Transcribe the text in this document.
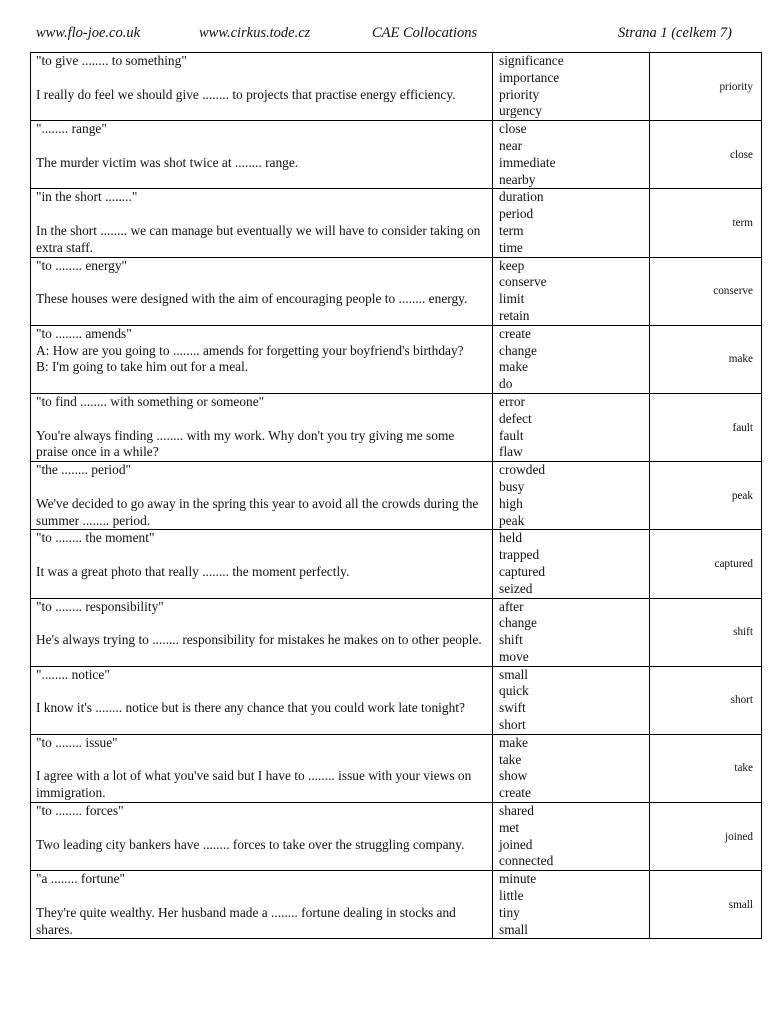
www.flo-joe.co.uk	www.cirkus.tode.cz	CAE Collocations	Strana 1 (celkem 7)
"to give ........ to something"
I really do feel we should give ........ to projects that practise energy efficiency.	significance
importance
priority
urgency	priority

"........ range"
The murder victim was shot twice at ........ range.	close
near
immediate
nearby	close

"in the short ........"
In the short ........ we can manage but eventually we will have to consider taking on extra staff.	duration
period
term
time	term

"to ........ energy"
These houses were designed with the aim of encouraging people to ........ energy.	keep
conserve
limit
retain	conserve

"to ........ amends"
A: How are you going to ........ amends for forgetting your boyfriend's birthday?
B: I'm going to take him out for a meal.	create
change
make
do	make

"to find ........ with something or someone"
You're always finding ........ with my work. Why don't you try giving me some praise once in a while?	error
defect
fault
flaw	fault

"the ........ period"
We've decided to go away in the spring this year to avoid all the crowds during the summer ........ period.	crowded
busy
high
peak	peak

"to ........ the moment"
It was a great photo that really ........ the moment perfectly.	held
trapped
captured
seized	captured

"to ........ responsibility"
He's always trying to ........ responsibility for mistakes he makes on to other people.	after
change
shift
move	shift

"........ notice"
I know it's ........ notice but is there any chance that you could work late tonight?	small
quick
swift
short	short

"to ........ issue"
I agree with a lot of what you've said but I have to ........ issue with your views on immigration.	make
take
show
create	take

"to ........ forces"
Two leading city bankers have ........ forces to take over the struggling company.	shared
met
joined
connected	joined

"a ........ fortune"
They're quite wealthy. Her husband made a ........ fortune dealing in stocks and shares.	minute
little
tiny
small	small
